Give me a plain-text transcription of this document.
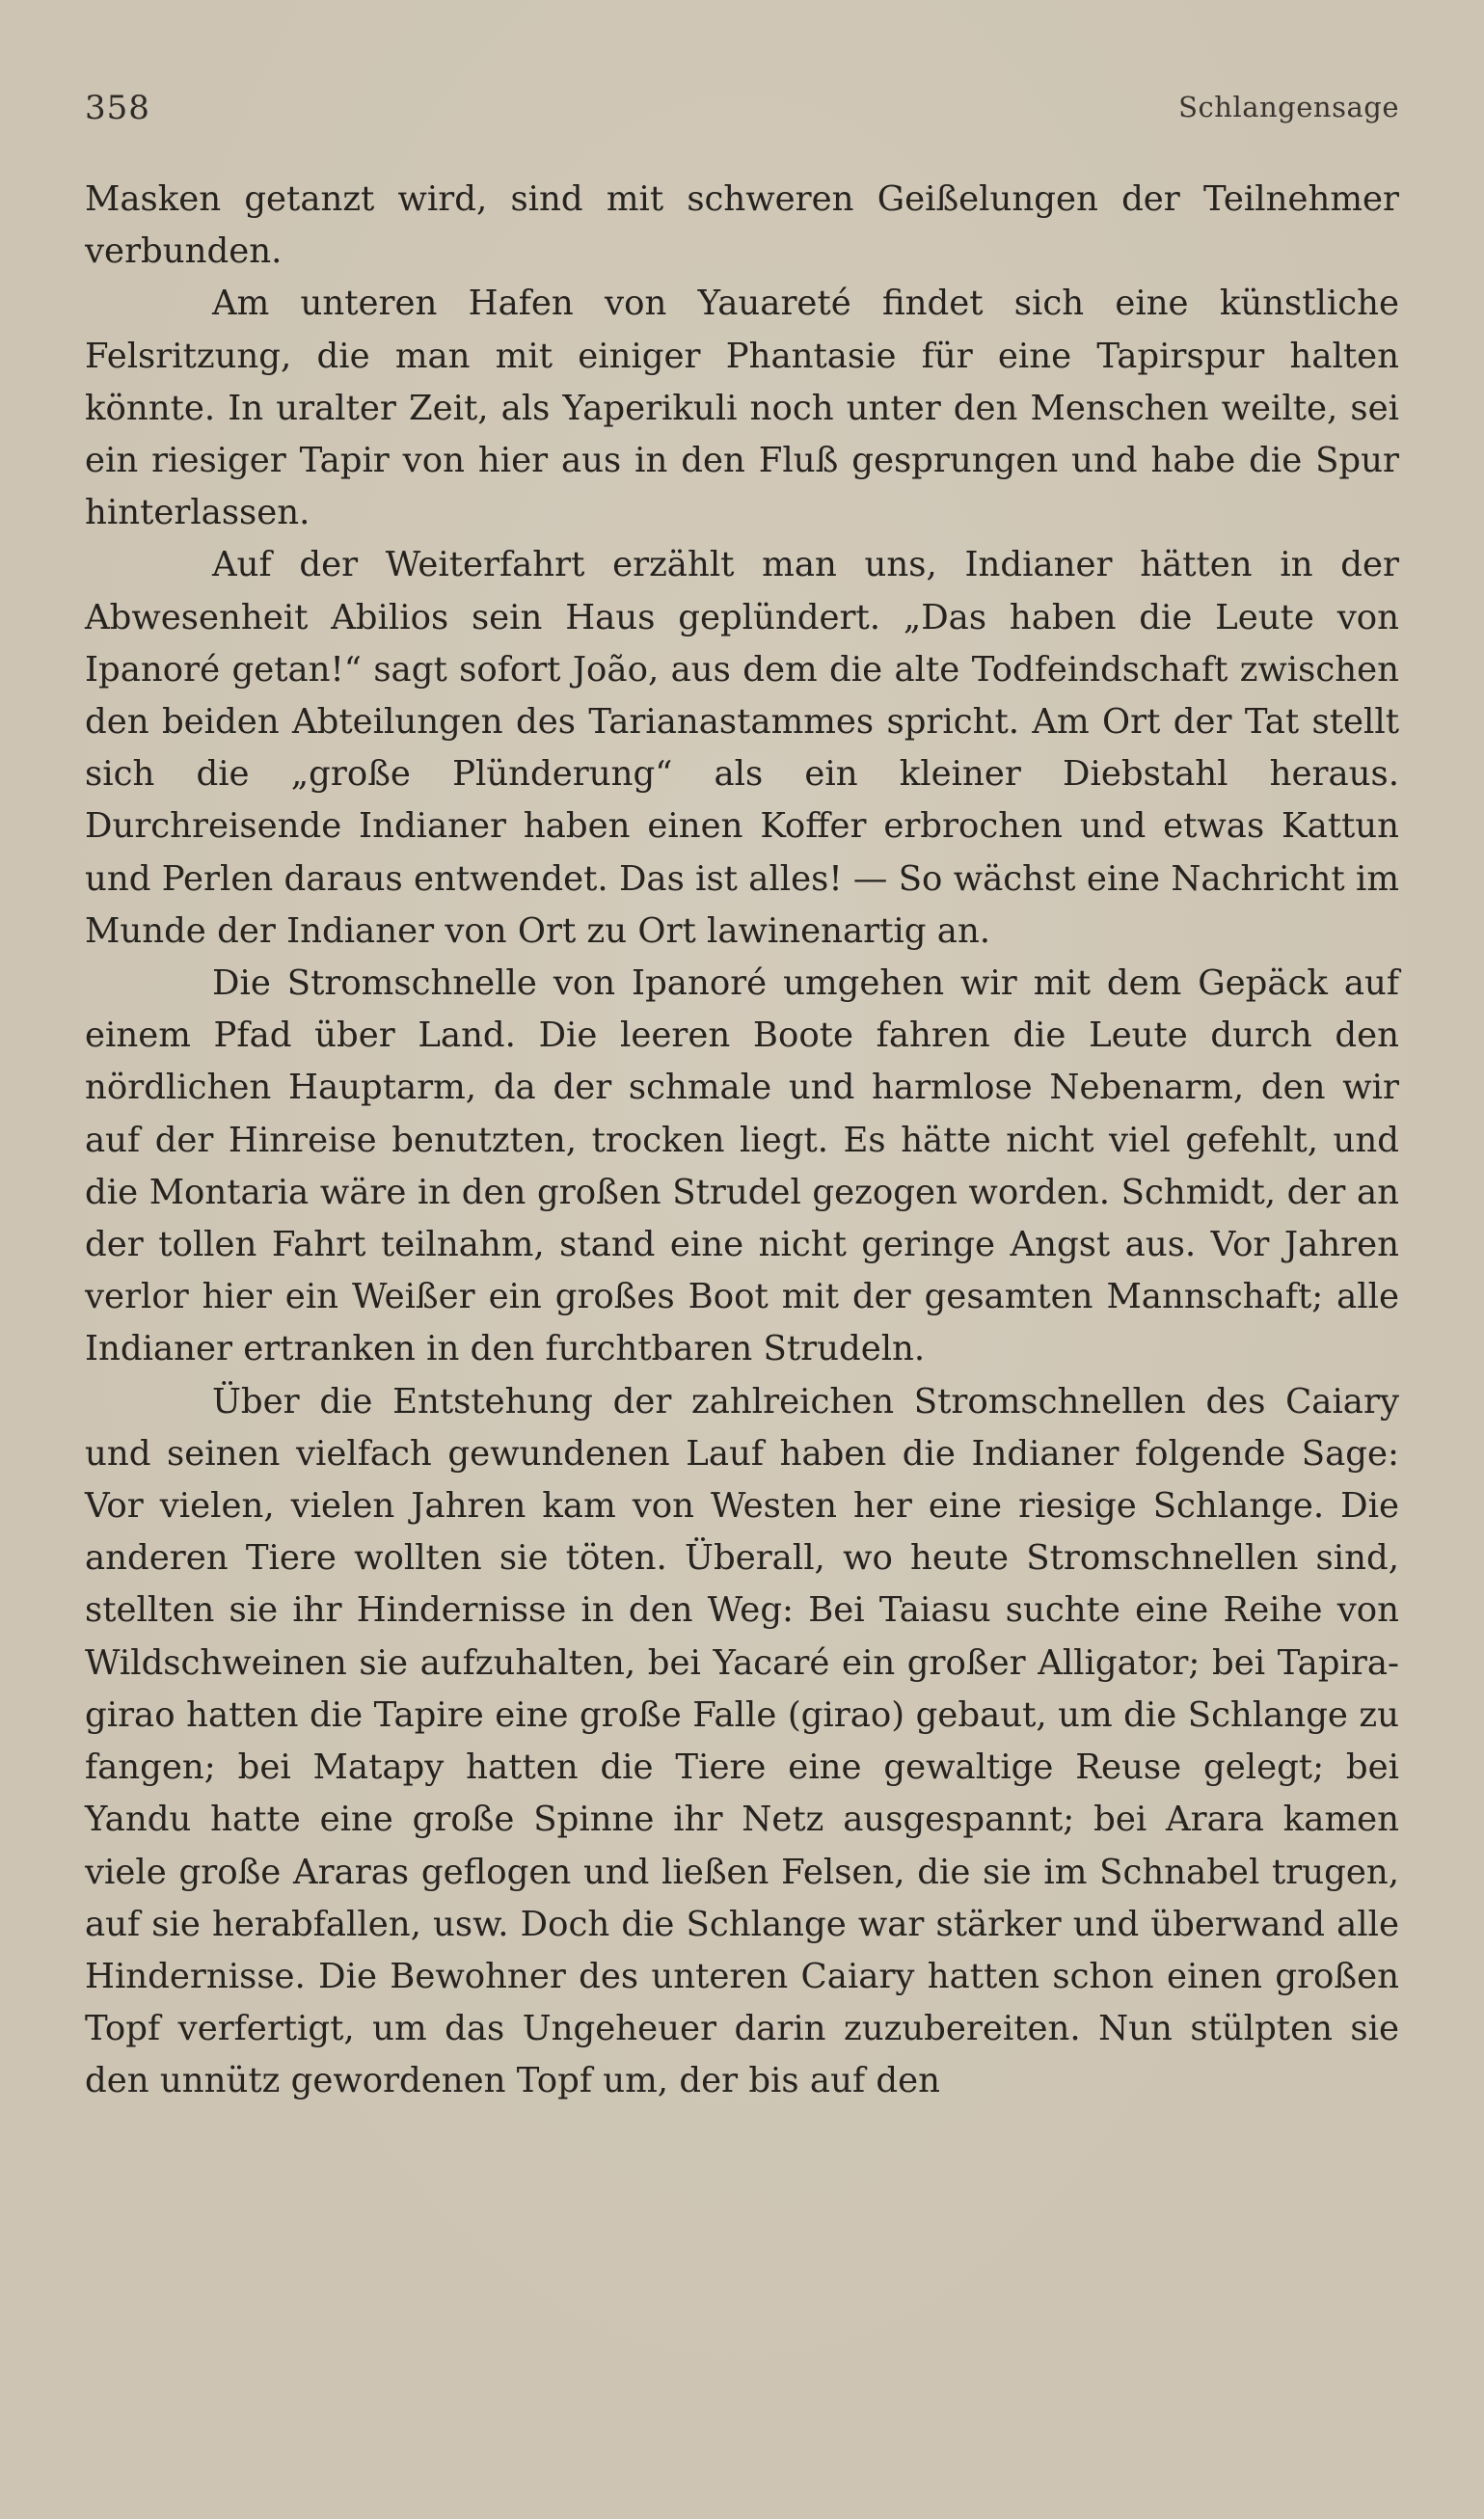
358	Schlangensage

Masken getanzt wird, sind mit schweren Geißelungen der Teilnehmer verbunden.

Am unteren Hafen von Yauareté findet sich eine künstliche Felsritzung, die man mit einiger Phantasie für eine Tapirspur halten könnte. In uralter Zeit, als Yaperikuli noch unter den Menschen weilte, sei ein riesiger Tapir von hier aus in den Fluß gesprungen und habe die Spur hinterlassen.

Auf der Weiterfahrt erzählt man uns, Indianer hätten in der Abwesenheit Abilios sein Haus geplündert. „Das haben die Leute von Ipanoré getan!“ sagt sofort João, aus dem die alte Todfeindschaft zwischen den beiden Abteilungen des Tarianastammes spricht. Am Ort der Tat stellt sich die „große Plünderung“ als ein kleiner Diebstahl heraus. Durchreisende Indianer haben einen Koffer erbrochen und etwas Kattun und Perlen daraus entwendet. Das ist alles! — So wächst eine Nachricht im Munde der Indianer von Ort zu Ort lawinenartig an.

Die Stromschnelle von Ipanoré umgehen wir mit dem Gepäck auf einem Pfad über Land. Die leeren Boote fahren die Leute durch den nördlichen Hauptarm, da der schmale und harmlose Nebenarm, den wir auf der Hinreise benutzten, trocken liegt. Es hätte nicht viel gefehlt, und die Montaria wäre in den großen Strudel gezogen worden. Schmidt, der an der tollen Fahrt teilnahm, stand eine nicht geringe Angst aus. Vor Jahren verlor hier ein Weißer ein großes Boot mit der gesamten Mannschaft; alle Indianer ertranken in den furchtbaren Strudeln.

Über die Entstehung der zahlreichen Stromschnellen des Caiary und seinen vielfach gewundenen Lauf haben die Indianer folgende Sage: Vor vielen, vielen Jahren kam von Westen her eine riesige Schlange. Die anderen Tiere wollten sie töten. Überall, wo heute Stromschnellen sind, stellten sie ihr Hindernisse in den Weg: Bei Taiasu suchte eine Reihe von Wildschweinen sie aufzuhalten, bei Yacaré ein großer Alligator; bei Tapira-girao hatten die Tapire eine große Falle (girao) gebaut, um die Schlange zu fangen; bei Matapy hatten die Tiere eine gewaltige Reuse gelegt; bei Yandu hatte eine große Spinne ihr Netz ausgespannt; bei Arara kamen viele große Araras geflogen und ließen Felsen, die sie im Schnabel trugen, auf sie herabfallen, usw. Doch die Schlange war stärker und überwand alle Hindernisse. Die Bewohner des unteren Caiary hatten schon einen großen Topf verfertigt, um das Ungeheuer darin zuzubereiten. Nun stülpten sie den unnütz gewordenen Topf um, der bis auf den
